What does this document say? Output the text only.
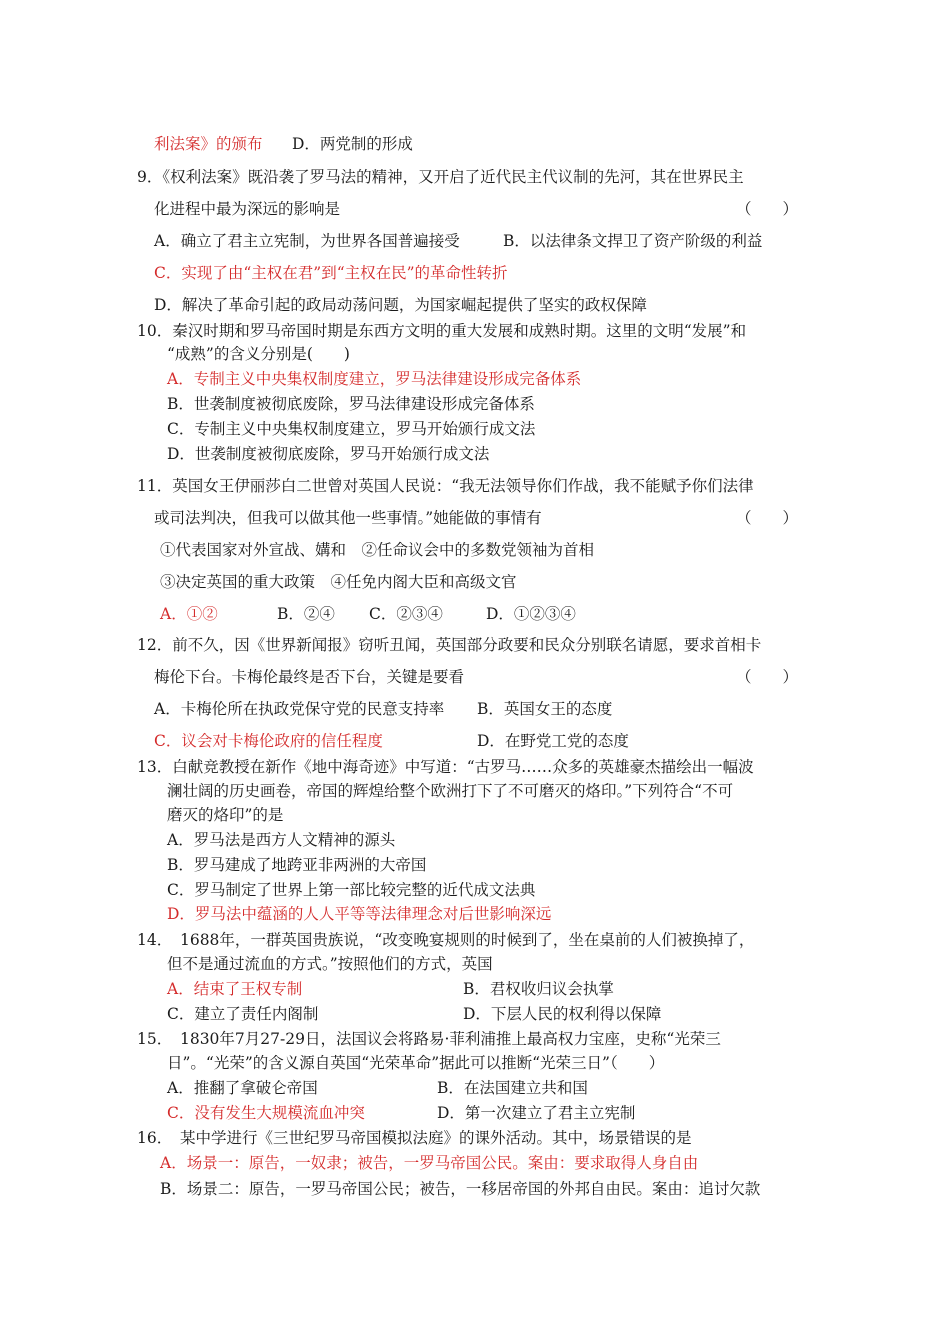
利法案》的颁布 D．两党制的形成
9．《权利法案》既沿袭了罗马法的精神，又开启了近代民主代议制的先河，其在世界民主
化进程中最为深远的影响是	（　　）
A．确立了君主立宪制，为世界各国普遍接受	B．以法律条文捍卫了资产阶级的利益
C．实现了由“主权在君”到“主权在民”的革命性转折
D．解决了革命引起的政局动荡问题，为国家崛起提供了坚实的政权保障
10．秦汉时期和罗马帝国时期是东西方文明的重大发展和成熟时期。这里的文明“发展”和
“成熟”的含义分别是(　　)
A．专制主义中央集权制度建立，罗马法律建设形成完备体系
B．世袭制度被彻底废除，罗马法律建设形成完备体系
C．专制主义中央集权制度建立，罗马开始颁行成文法
D．世袭制度被彻底废除，罗马开始颁行成文法
11．英国女王伊丽莎白二世曾对英国人民说：“我无法领导你们作战，我不能赋予你们法律
或司法判决，但我可以做其他一些事情。”她能做的事情有	（　　）
①代表国家对外宣战、媾和　②任命议会中的多数党领袖为首相
③决定英国的重大政策　④任免内阁大臣和高级文官
A．①②	B．②④ C．②③④	D．①②③④
12．前不久，因《世界新闻报》窃听丑闻，英国部分政要和民众分别联名请愿，要求首相卡
梅伦下台。卡梅伦最终是否下台，关键是要看	（　　）
A．卡梅伦所在执政党保守党的民意支持率 B．英国女王的态度
C．议会对卡梅伦政府的信任程度	D．在野党工党的态度
13．白献竞教授在新作《地中海奇迹》中写道：“古罗马……众多的英雄豪杰描绘出一幅波
澜壮阔的历史画卷，帝国的辉煌给整个欧洲打下了不可磨灭的烙印。”下列符合“不可
磨灭的烙印”的是
A．罗马法是西方人文精神的源头
B．罗马建成了地跨亚非两洲的大帝国
C．罗马制定了世界上第一部比较完整的近代成文法典
D．罗马法中蕴涵的人人平等等法律理念对后世影响深远
14．　1688年，一群英国贵族说，“改变晚宴规则的时候到了，坐在桌前的人们被换掉了，
但不是通过流血的方式。”按照他们的方式，英国
A．结束了王权专制	B．君权收归议会执掌
C．建立了责任内阁制	D．下层人民的权利得以保障
15．　1830年7月27-29日，法国议会将路易·菲利浦推上最高权力宝座，史称“光荣三
日”。“光荣”的含义源自英国“光荣革命”据此可以推断“光荣三日”（　　）
A．推翻了拿破仑帝国	B．在法国建立共和国
C．没有发生大规模流血冲突	D．第一次建立了君主立宪制
16．　某中学进行《三世纪罗马帝国模拟法庭》的课外活动。其中，场景错误的是
A．场景一：原告，一奴隶；被告，一罗马帝国公民。案由：要求取得人身自由
B．场景二：原告，一罗马帝国公民；被告，一移居帝国的外邦自由民。案由：追讨欠款
